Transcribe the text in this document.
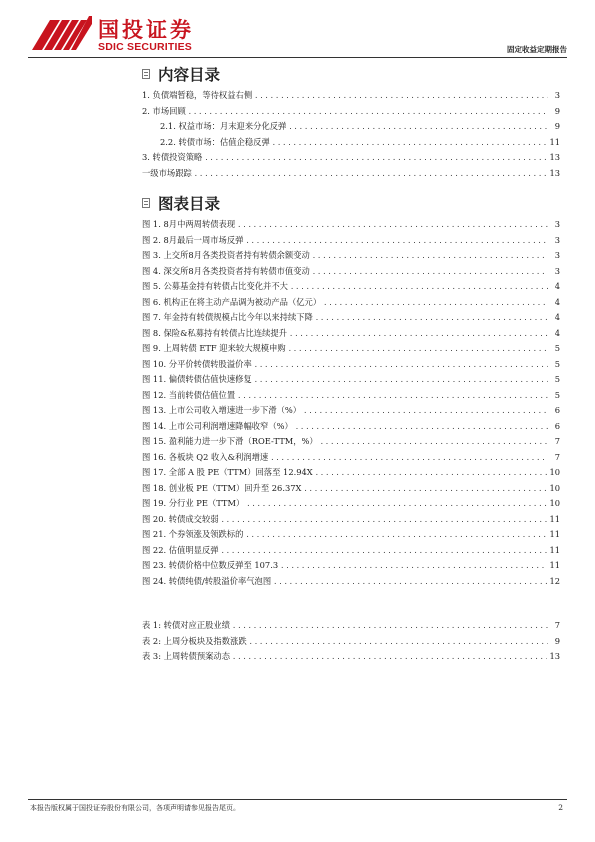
国投证券
SDIC SECURITIES	固定收益定期报告
内容目录
1. 负债端暂稳，等待权益右侧 .....	3
2. 市场回顾 .....	9
2.1. 权益市场：月末迎来分化反弹 .....	9
2.2. 转债市场：估值企稳反弹 .....	11
3. 转债投资策略 .....	13
一级市场跟踪 .....	13
图表目录
图 1. 8月中两周转债表现 .....	3
图 2. 8月最后一周市场反弹 .....	3
图 3. 上交所8月各类投资者持有转债余额变动 .....	3
图 4. 深交所8月各类投资者持有转债市值变动 .....	3
图 5. 公募基金持有转债占比变化并不大 .....	4
图 6. 机构正在将主动产品调为被动产品（亿元） .....	4
图 7. 年金持有转债规模占比今年以来持续下降 .....	4
图 8. 保险&私募持有转债占比连续提升 .....	4
图 9. 上周转债 ETF 迎来较大规模申购 .....	5
图 10. 分平价转债转股溢价率 .....	5
图 11. 偏债转债估值快速修复 .....	5
图 12. 当前转债估值位置 .....	5
图 13. 上市公司收入增速进一步下滑（%） .....	6
图 14. 上市公司利润增速降幅收窄（%） .....	6
图 15. 盈利能力进一步下滑（ROE-TTM，%） .....	7
图 16. 各板块 Q2 收入&利润增速 .....	7
图 17. 全部 A 股 PE（TTM）回落至 12.94X .....	10
图 18. 创业板 PE（TTM）回升至 26.37X .....	10
图 19. 分行业 PE（TTM） .....	10
图 20. 转债成交较弱 .....	11
图 21. 个券领涨及领跌标的 .....	11
图 22. 估值明显反弹 .....	11
图 23. 转债价格中位数反弹至 107.3 .....	11
图 24. 转债纯债/转股溢价率气泡图 .....	12
表 1: 转债对应正股业绩 .....	7
表 2: 上周分板块及指数涨跌 .....	9
表 3: 上周转债预案动态 .....	13
本报告版权属于国投证券股份有限公司，各项声明请参见报告尾页。	2
